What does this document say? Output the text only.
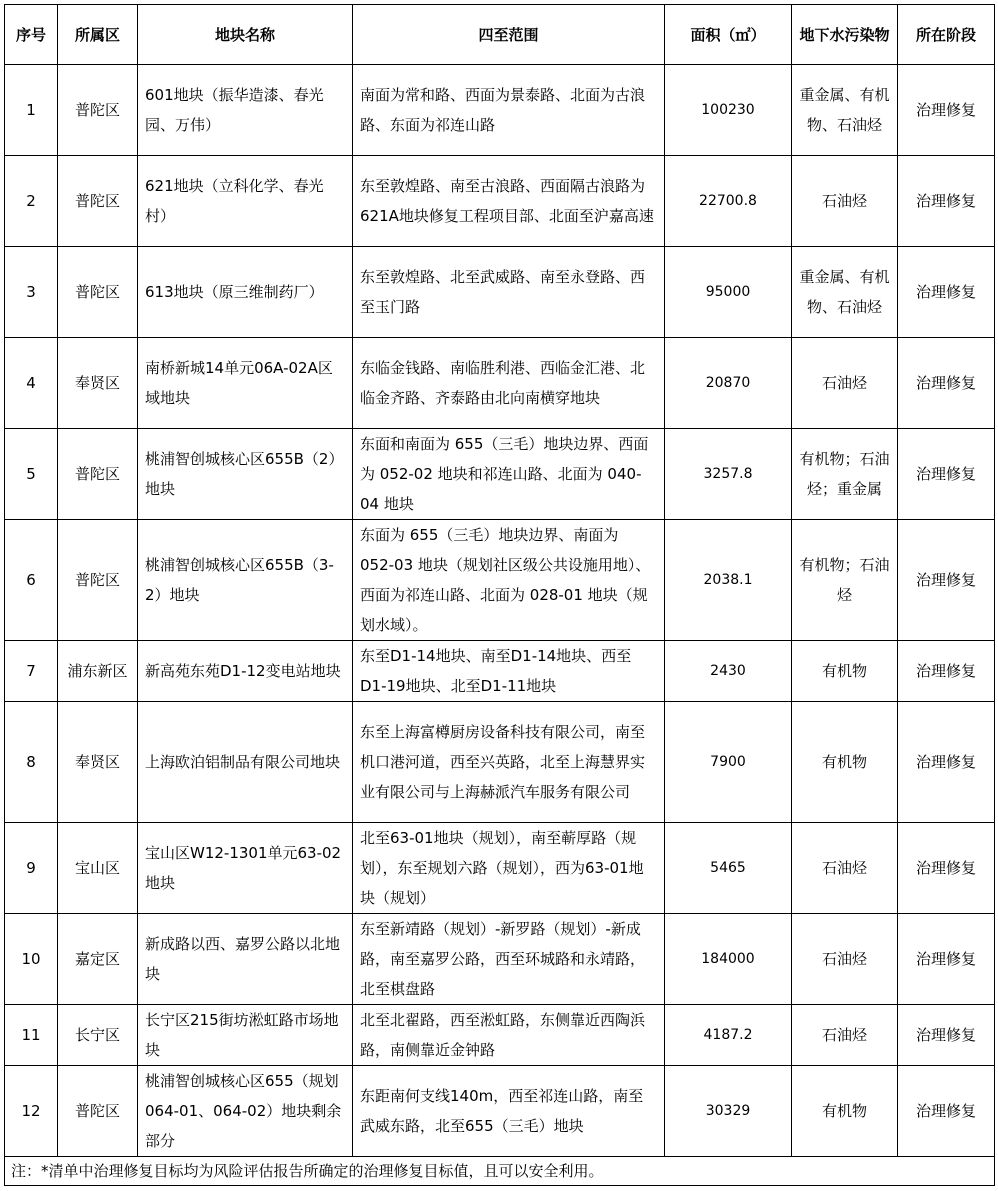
序号	所属区	地块名称	四至范围	面积（㎡）	地下水污染物	所在阶段
1	普陀区	601地块（振华造漆、春光园、万伟）	南面为常和路、西面为景泰路、北面为古浪路、东面为祁连山路	100230	重金属、有机物、石油烃	治理修复
2	普陀区	621地块（立科化学、春光村）	东至敦煌路、南至古浪路、西面隔古浪路为621A地块修复工程项目部、北面至沪嘉高速	22700.8	石油烃	治理修复
3	普陀区	613地块（原三维制药厂）	东至敦煌路、北至武威路、南至永登路、西至玉门路	95000	重金属、有机物、石油烃	治理修复
4	奉贤区	南桥新城14单元06A-02A区域地块	东临金钱路、南临胜利港、西临金汇港、北临金齐路、齐泰路由北向南横穿地块	20870	石油烃	治理修复
5	普陀区	桃浦智创城核心区655B（2）地块	东面和南面为 655（三毛）地块边界、西面为 052-02 地块和祁连山路、北面为 040-04 地块	3257.8	有机物；石油烃；重金属	治理修复
6	普陀区	桃浦智创城核心区655B（3-2）地块	东面为 655（三毛）地块边界、南面为 052-03 地块（规划社区级公共设施用地）、西面为祁连山路、北面为 028-01 地块（规划水域）。	2038.1	有机物；石油烃	治理修复
7	浦东新区	新高苑东苑D1-12变电站地块	东至D1-14地块、南至D1-14地块、西至D1-19地块、北至D1-11地块	2430	有机物	治理修复
8	奉贤区	上海欧泊铝制品有限公司地块	东至上海富樽厨房设备科技有限公司，南至机口港河道，西至兴英路，北至上海慧界实业有限公司与上海赫派汽车服务有限公司	7900	有机物	治理修复
9	宝山区	宝山区W12-1301单元63-02地块	北至63-01地块（规划），南至蕲厚路（规划），东至规划六路（规划），西为63-01地块（规划）	5465	石油烃	治理修复
10	嘉定区	新成路以西、嘉罗公路以北地块	东至新靖路（规划）-新罗路（规划）-新成路，南至嘉罗公路，西至环城路和永靖路，北至棋盘路	184000	石油烃	治理修复
11	长宁区	长宁区215街坊淞虹路市场地块	北至北翟路，西至淞虹路，东侧靠近西陶浜路，南侧靠近金钟路	4187.2	石油烃	治理修复
12	普陀区	桃浦智创城核心区655（规划064-01、064-02）地块剩余部分	东距南何支线140m，西至祁连山路，南至武威东路，北至655（三毛）地块	30329	有机物	治理修复
注：*清单中治理修复目标均为风险评估报告所确定的治理修复目标值，且可以安全利用。						
